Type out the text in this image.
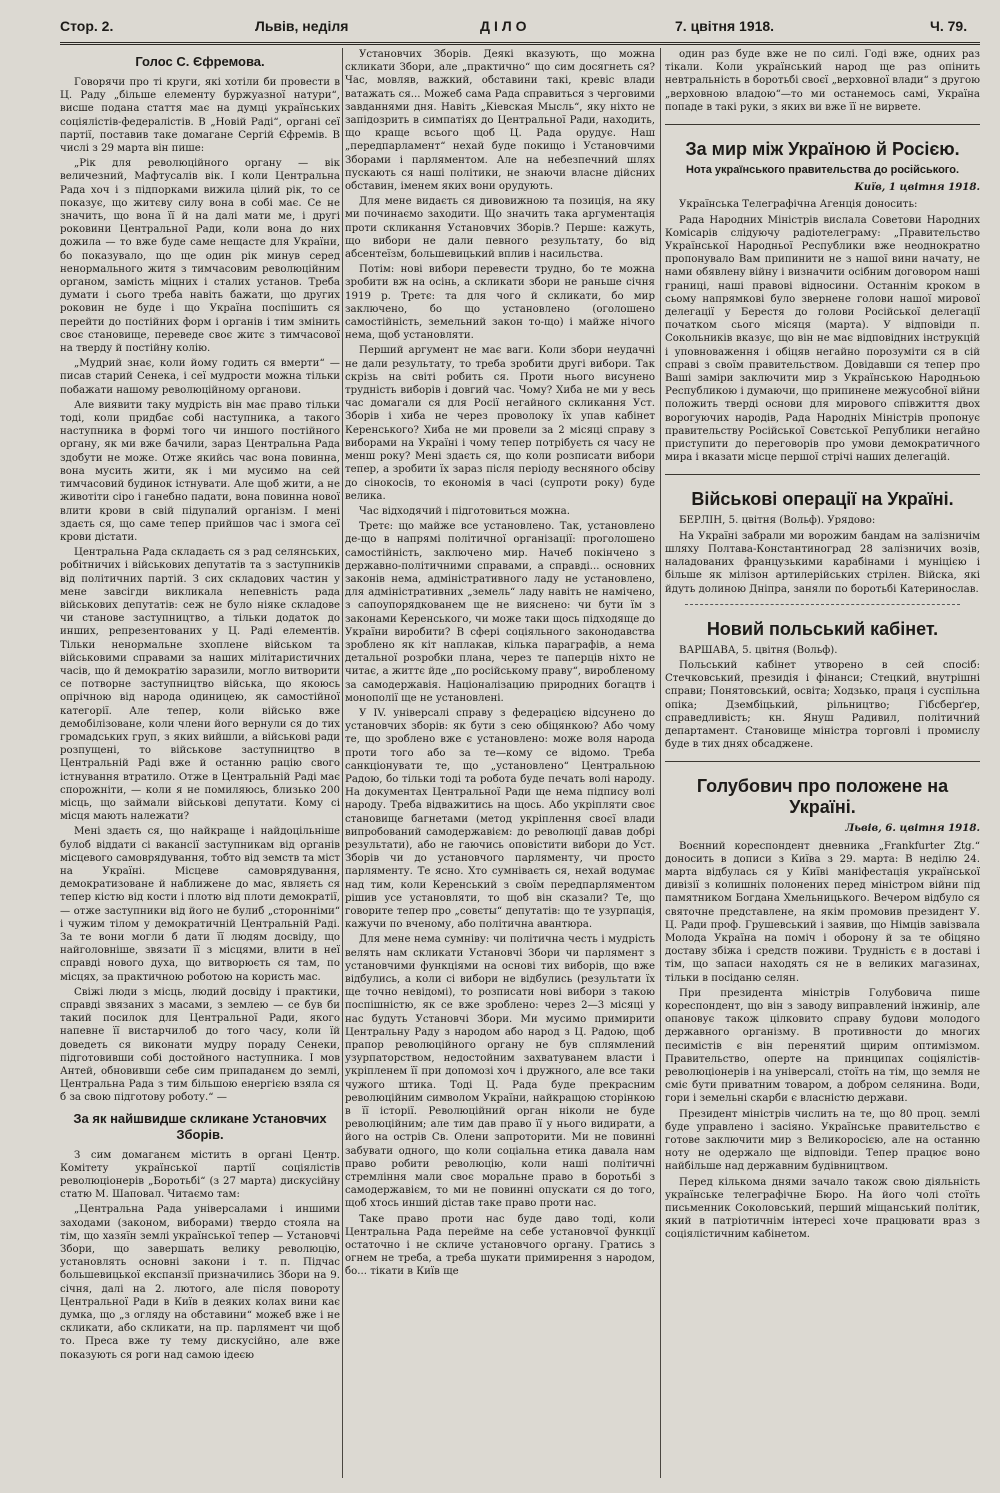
Стор. 2.	Львів, неділя	ДІЛО	7. цвітня 1918.	Ч. 79.
Голос С. Єфремова.

Говорячи про ті круги, які хотіли би провести в Ц. Раду „більше елементу буржуазної натури“, висше подана стаття має на думці українських соціялістів-федералістів. В „Новій Раді“, органі сеї партії, поставив таке домагане Сергій Єфремів. В числі з 29 марта він пише:

„Рік для революційного органу — вік величезний, Мафтусалів вік. І коли Центральна Рада хоч і з підпорками вижила цілий рік, то се показує, що житєву силу вона в собі має. Се не значить, що вона її й на далі мати ме, і другі роковини Центральної Ради, коли вона до них дожила — то вже буде саме нещасте для України, бо показувало, що ще один рік минув серед ненормального житя з тимчасовим революційним органом, замість міцних і сталих установ. Треба думати і сього треба навіть бажати, що других роковин не буде і що Україна поспішить ся перейти до постійних форм і органів і тим змінить своє становище, переведе своє житє з тимчасової на тверду й постійну колію.

„Мудрий знає, коли йому годить ся вмерти“ — писав старий Сенека, і сеї мудрости можна тільки побажати нашому революційному органови.

Але виявити таку мудрість він має право тільки тоді, коли придбає собі наступника, а такого наступника в формі того чи иншого постійного органу, як ми вже бачили, зараз Центральна Рада здобути не може. Отже якийсь час вона повинна, вона мусить жити, як і ми мусимо на сей тимчасовий будинок істнувати. Але щоб жити, а не животіти сіро і ганебно падати, вона повинна нової влити крови в свій підупалий організм. І мені здаєть ся, що саме тепер прийшов час і змога сеї крови дістати.

Центральна Рада складаєть ся з рад селянських, робітничих і військових депутатів та з заступників від політичних партій. З сих складових частин у мене завсігди викликала непевність рада військових депутатів: сеж не було ніяке складове чи станове заступництво, а тільки додаток до инших, репрезентованих у Ц. Раді елементів. Тільки ненормальне зхоплене військом та військовими справами за наших мілітаристичних часів, що й демократію заразили, могло витворити се потворне заступництво війська, що якоюсь опрічною від народа одиницею, як самостійної категорії. Але тепер, коли військо вже демобілізоване, коли члени його вернули ся до тих громадських груп, з яких вийшли, а військові ради розпущені, то військове заступництво в Центральній Раді вже й останню рацію свого істнування втратило. Отже в Центральній Раді має спорожніти, — коли я не помиляюсь, близько 200 місць, що займали військові депутати. Кому сі місця мають належати?

Мені здаєть ся, що найкраще і найдоцільніше булоб віддати сі вакансії заступникам від органів місцевого самоврядування, тобто від земств та міст на Україні. Місцеве самоврядування, демократизоване й наближене до мас, являєть ся тепер кістю від кости і плотю від плоти демократії, — отже заступники від його не булиб „сторонніми“ і чужим тілом у демократичній Центральній Раді. За те вони могли б дати її людям досвіду, що найголовніше, звязати її з місцями, влити в неї справді нового духа, що витворюєть ся там, по місцях, за практичною роботою на користь мас.

Свіжі люди з місць, людий досвіду і практики, справді звязаних з масами, з землею — се був би такий посилок для Центральної Ради, якого напевне її вистарчилоб до того часу, коли їй доведеть ся виконати мудру пораду Сенеки, підготовивши собі достойного наступника. І мов Антей, обновивши себе сим припаданєм до землі, Центральна Рада з тим більшою енергією взяла ся б за свою підготову роботу.“ —

За як найшвидше скликане Установчих Зборів.

З сим домаганєм містить в органі Центр. Комітету української партії соціялістів революціонерів „Боротьбі“ (з 27 марта) дискусійну статю М. Шаповал. Читаємо там:

„Центральна Рада універсалами і иншими заходами (законом, виборами) твердо стояла на тім, що хазяїн землі української тепер — Установчі Збори, що завершать велику революцію, установлять основні закони і т. п. Підчас большевицької експанзії призначились Збори на 9. січня, далі на 2. лютого, але після повороту Центральної Ради в Київ в деяких колах вини кає думка, що „з огляду на обставини“ можеб вже і не скликати, або скликати, на пр. парлямент чи щоб то. Преса вже ту тему дискусійно, але вже показують ся роги над самою ідеєю

Установчих Зборів. Деякі вказують, що можна скликати Збори, але „практично“ що сим досягнеть ся? Час, мовляв, важкий, обставини такі, кревіс влади ватажать ся... Можеб сама Рада справиться з черговими завданнями дня. Навіть „Кіевская Мысль“, яку ніхто не запідозрить в симпатіях до Центральної Ради, находить, що краще всього щоб Ц. Рада орудує. Наш „передпарламент“ нехай буде покищо і Установчими Зборами і парляментом. Але на небезпечний шлях пускають ся наші політики, не знаючи власне дійсних обставин, іменем яких вони орудують.

Для мене видаєть ся дивовижною та позиція, на яку ми починаємо заходити. Що значить така аргументація проти скликання Установчих Зборів.? Перше: кажуть, що вибори не дали певного результату, бо від абсентеїзм, большевицький вплив і насильства.

Потім: нові вибори перевести трудно, бо те можна зробити вж на осінь, а скликати збори не раньше січня 1919 р. Третє: та для чого й скликати, бо мир заключено, бо що установлено (оголошено самостійність, земельний закон то-що) і майже нічого нема, щоб установляти.

Перший аргумент не має ваги. Коли збори неудачні не дали результату, то треба зробити другі вибори. Так скрізь на світі робить ся. Проти нього висунено трудність виборів і довгий час. Чому? Хиба не ми у весь час домагали ся для Росії негайного скликання Уст. Зборів і хиба не через проволоку їх упав кабінет Керенського? Хиба не ми провели за 2 місяці справу з виборами на Україні і чому тепер потрібуєть ся часу не менш року? Мені здаєть ся, що коли розписати вибори тепер, а зробити їх зараз після періоду весняного обсіву до сінокосів, то економія в часі (супроти року) буде велика.

Час відходячий і підготовиться можна.

Третє: що майже все установлено. Так, установлено де-що в напрямі політичної організації: проголошено самостійність, заключено мир. Начеб покінчено з державно-політичними справами, а справді... основних законів нема, адміністративного ладу не установлено, для адміністративних „земель“ ладу навіть не намічено, з сапоупорядкованем ще не вияснено: чи бути їм з законами Керенського, чи може таки щось підходяще до України виробити? В сфері соціяльного законодавства зроблено як кіт наплакав, кілька параграфів, а нема детальної розробки плана, через те паперців ніхто не читає, а життє йде „по російському праву“, виробленому за самодержавія. Націоналізацию природних богацтв і монополії ще не установлені.

У IV. універсалі справу з федерацією відсунено до установчих зборів: як бути з сею обіцянкою? Або чому те, що зроблено вже є установлено: може воля народа проти того або за те—кому се відомо. Треба санкціонувати те, що „установлено“ Центральною Радою, бо тільки тоді та робота буде печать волі народу. На документах Центральної Ради ще нема підпису волі народу. Треба відважитись на щось. Або укріпляти своє становище багнетами (метод укріплення своєї влади випробований самодержавієм: до революції давав добрі результати), або не гаючись оповістити вибори до Уст. Зборів чи до установчого парляменту, чи просто парляменту. Те ясно. Хто сумніваєть ся, нехай водумає над тим, коли Керенський з своїм передпарляментом рішив усе установляти, то щоб він сказали? Те, що говорите тепер про „совєты“ депутатів: що те узурпація, кажучи по вченому, або політична авантюра.

Для мене нема сумніву: чи політична честь і мудрість велять нам скликати Установчі Збори чи парлямент з установчими функціями на основі тих виборів, що вже відбулись, а коли сі вибори не відбулись (результати їх ще точно невідомі), то розписати нові вибори з такою поспішністю, як се вже зроблено: через 2—3 місяці у нас будуть Установчі Збори. Ми мусимо примирити Центральну Раду з народом або народ з Ц. Радою, щоб прапор революційного органу не був сплямлений узурпаторством, недостойним захватуванем власти і укріпленем її при допомозі хоч і дружного, але все таки чужого штика. Тоді Ц. Рада буде прекрасним революційним символом України, найкращою сторінкою в її історії. Революційний орган ніколи не буде революційним; але тим дав право її у нього видирати, а його на острів Св. Олени запроторити. Ми не повинні забувати одного, що коли соціальна етика давала нам право робити революцію, коли наші політичні стремління мали своє моральне право в боротьбі з самодержавієм, то ми не повинні опускати ся до того, щоб хтось инший дістав таке право проти нас.

Таке право проти нас буде даво тоді, коли Центральна Рада перейме на себе установчої функції остаточно і не скличе установчого органу. Гратись з огнем не треба, а треба шукати примирення з народом, бо... тікати в Київ ще

один раз буде вже не по силі. Годі вже, одних раз тікали. Коли український народ ще раз опінить невтральність в боротьбі своєї „верховної влади“ з другою „верховною владою“—то ми останемось самі, Україна попаде в такі руки, з яких ви вже її не вирвете.

За мир між Україною й Росією.
Нота українського правительства до російського.
Київ, 1 цвітня 1918.

Українська Телеграфічна Агенція доносить:

Рада Народних Міністрів вислала Советови Народних Комісарів слідуючу радіотелеграму: „Правительство Української Народньої Республики вже неоднократно пропонувало Вам припинити не з нашої вини начату, не нами обявлену війну і визначити осібним договором наші границі, наші правові відносини. Останнім кроком в сьому напрямкові було звернене голови нашої мирової делегації у Берестя до голови Російської делегації початком сього місяця (марта). У відповіди п. Сокольників вказує, що він не має відповідних інструкцій і уповноваження і обіцяв негайно порозуміти ся в сій справі з своїм правительством. Довідавши ся тепер про Ваші заміри заключити мир з Українською Народньою Республикою і думаючи, що припинене межусобної війни положить тверді основи для мирового співжиття двох ворогуючих народів, Рада Народніх Міністрів пропонує правительству Російської Совєтської Републики негайно приступити до переговорів про умови демократичного мира і вказати місце першої стрічі наших делегацій.

Військові операції на Україні.

БЕРЛІН, 5. цвітня (Вольф). Урядово:

На Україні забрали ми ворожим бандам на залізничім шляху Полтава-Константиноград 28 залізничих возів, наладованих французькими карабінами і муніцією і більше як мілізон артилерійських стрілен. Війска, які йдуть долиною Дніпра, заняли по боротьбі Катеринослав.

Новий польський кабінет.

ВАРШАВА, 5. цвітня (Вольф).

Польський кабінет утворено в сей спосіб: Стечковський, президія і фінанси; Стецкий, внутрішні справи; Понятовський, освіта; Ходзько, праця і суспільна опіка; Дзембіцький, рільництво; Гібсберґер, справедливість; кн. Януш Радивил, політичний департамент. Становище міністра торговлі і промислу буде в тих днях обсаджене.

Голубович про положене на Україні.
Львів, 6. цвітня 1918.

Воєнний кореспондент дневника „Frankfurter Ztg.“ доносить в дописи з Київа з 29. марта: В неділю 24. марта відбулась ся у Київі маніфестація української дивізії з колишніх полонених перед міністром війни під памятником Богдана Хмельницького. Вечером відбуло ся святочне представлене, на якім промовив президент У. Ц. Ради проф. Грушевський і заявив, що Німців завізвала Молода Україна на поміч і оборону й за те обіцяно доставу збіжа і средств поживи. Трудність є в доставі і тім, що запаси находять ся не в великих магазинах, тільки в посіданю селян.

При президента міністрів Голубовича пише кореспондент, що він з заводу виправлений інжинір, але опановує також цілковито справу будови молодого державного організму. В противности до многих песимістів є він перенятий щирим оптимізмом. Правительство, оперте на принципах соціялістів-революціонерів і на універсалі, стоїть на тім, що земля не сміє бути приватним товаром, а добром селянина. Води, гори і земельні скарби є власністю держави.

Президент міністрів числить на те, що 80 проц. землі буде управлено і засіяно. Українське правительство є готове заключити мир з Великоросією, але на останню ноту не одержало ще відповіди. Тепер працює воно найбільше над державним будівництвом.

Перед кількома днями зачало також свою діяльність українське телеграфічне Бюро. На його чолі стоїть письменник Соколовський, перший міщанський політик, який в патріотичнім інтересі хоче працювати враз з соціялістичним кабінетом.
